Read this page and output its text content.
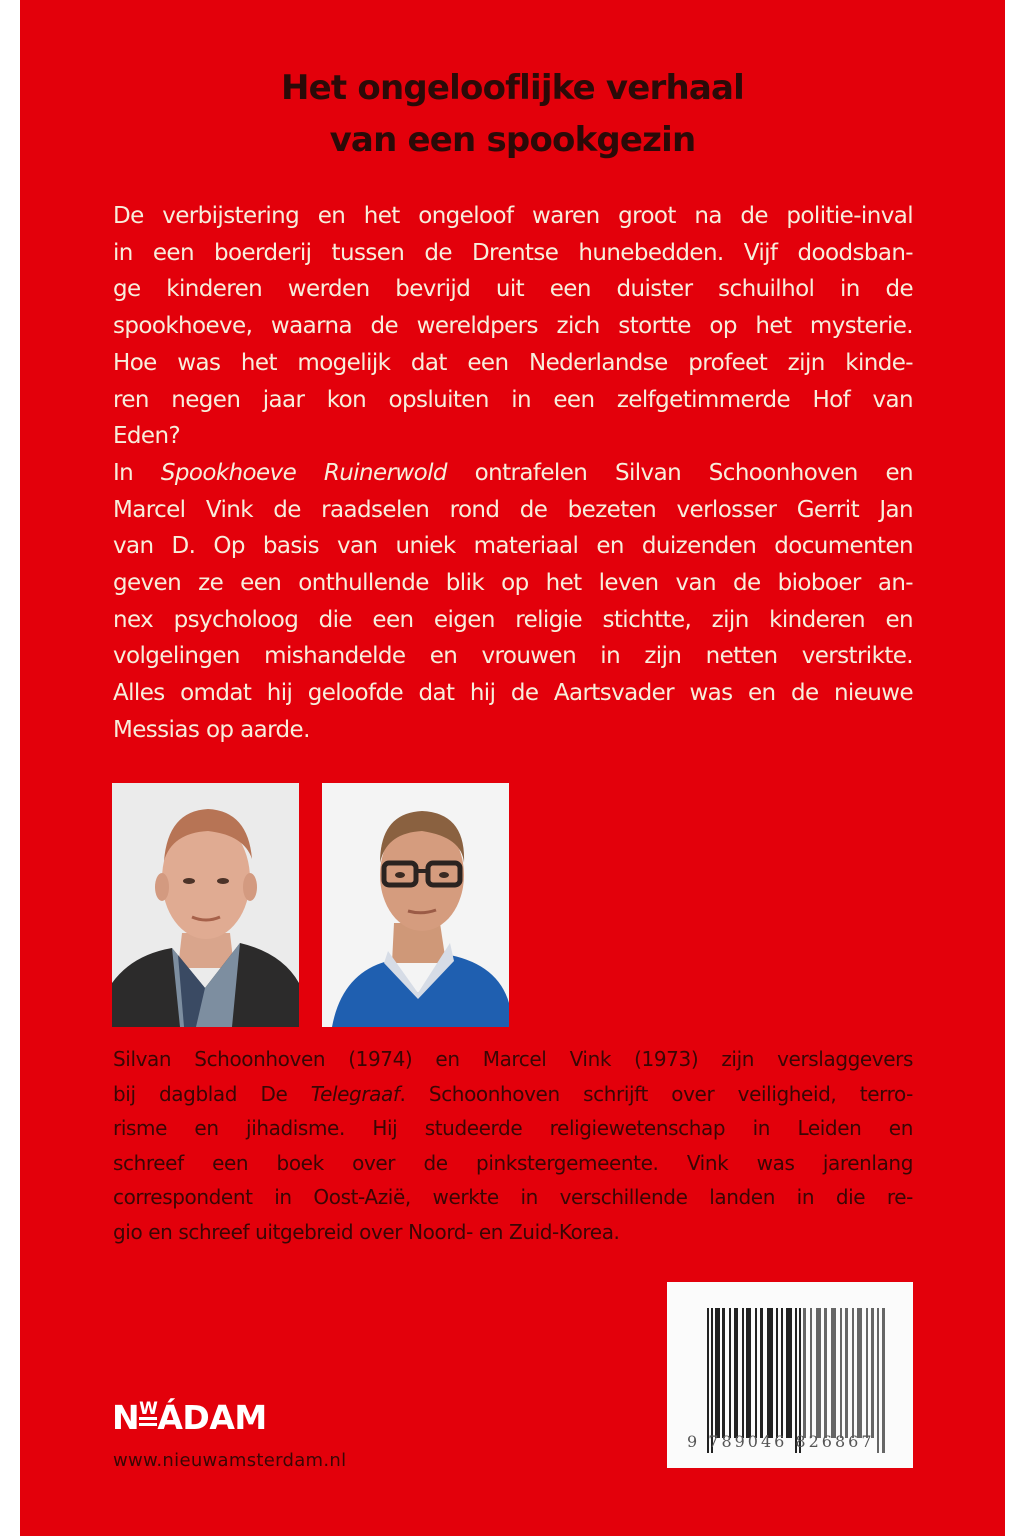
Het ongelooflijke verhaal
van een spookgezin
De verbijstering en het ongeloof waren groot na de politie-inval
in een boerderij tussen de Drentse hunebedden. Vijf doodsban-
ge kinderen werden bevrijd uit een duister schuilhol in de
spookhoeve, waarna de wereldpers zich stortte op het mysterie.
Hoe was het mogelijk dat een Nederlandse profeet zijn kinde-
ren negen jaar kon opsluiten in een zelfgetimmerde Hof van
Eden?
In Spookhoeve Ruinerwold ontrafelen Silvan Schoonhoven en
Marcel Vink de raadselen rond de bezeten verlosser Gerrit Jan
van D. Op basis van uniek materiaal en duizenden documenten
geven ze een onthullende blik op het leven van de bioboer an-
nex psycholoog die een eigen religie stichtte, zijn kinderen en
volgelingen mishandelde en vrouwen in zijn netten verstrikte.
Alles omdat hij geloofde dat hij de Aartsvader was en de nieuwe
Messias op aarde.
Silvan Schoonhoven (1974) en Marcel Vink (1973) zijn verslaggevers
bij dagblad De Telegraaf. Schoonhoven schrijft over veiligheid, terro-
risme en jihadisme. Hij studeerde religiewetenschap in Leiden en
schreef een boek over de pinkstergemeente. Vink was jarenlang
correspondent in Oost-Azië, werkte in verschillende landen in die re-
gio en schreef uitgebreid over Noord- en Zuid-Korea.
NWÁDAM
www.nieuwamsterdam.nl
9 789046 826867
